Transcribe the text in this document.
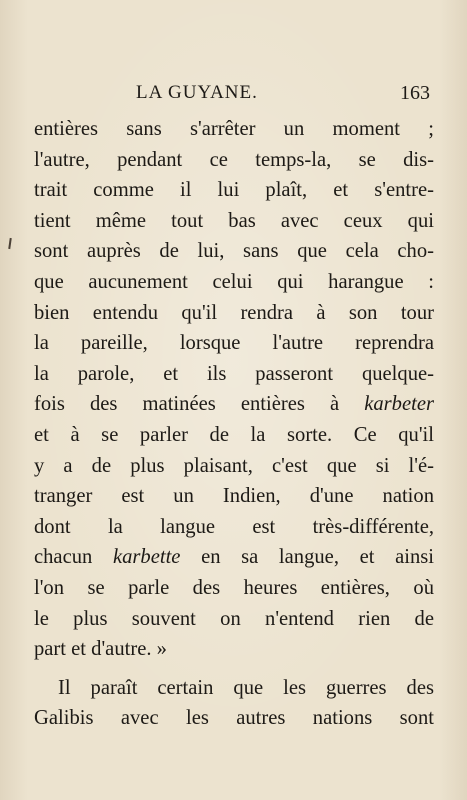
LA GUYANE.	163
entières sans s'arrêter un moment ;
l'autre, pendant ce temps-la, se dis-
trait comme il lui plaît, et s'entre-
tient même tout bas avec ceux qui
sont auprès de lui, sans que cela cho-
que aucunement celui qui harangue :
bien entendu qu'il rendra à son tour
la pareille, lorsque l'autre reprendra
la parole, et ils passeront quelque-
fois des matinées entières à karbeter
et à se parler de la sorte. Ce qu'il
y a de plus plaisant, c'est que si l'é-
tranger est un Indien, d'une nation
dont la langue est très-différente,
chacun karbette en sa langue, et ainsi
l'on se parle des heures entières, où
le plus souvent on n'entend rien de
part et d'autre. »
Il paraît certain que les guerres des
Galibis avec les autres nations sont
